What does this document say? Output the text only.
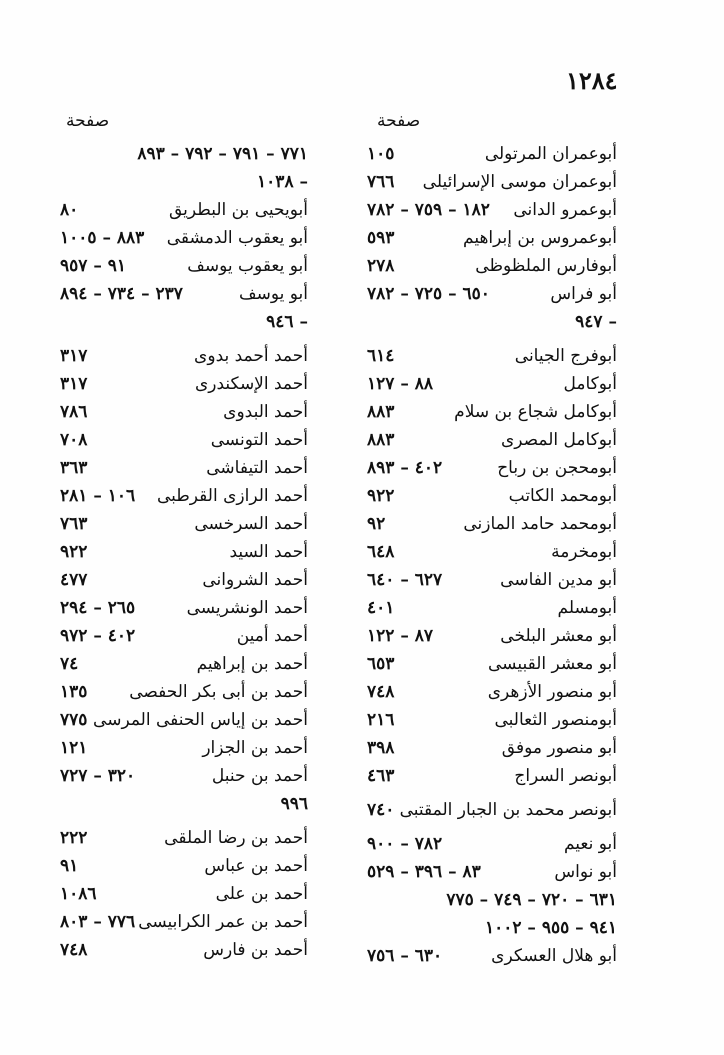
١٢٨٤
صفحة
صفحة
أبوعمران المرتولى
١٠٥
أبوعمران موسى الإسرائيلى
٧٦٦
أبوعمرو الدانى
١٨٢ – ٧٥٩ – ٧٨٢
أبوعمروس بن إبراهيم
٥٩٣
أبوفارس الملظوظى
٢٧٨
أبو فراس
٦٥٠ – ٧٢٥ – ٧٨٢
– ٩٤٧
أبوفرج الجيانى
٦١٤
أبوكامل
٨٨ – ١٢٧
أبوكامل شجاع بن سلام
٨٨٣
أبوكامل المصرى
٨٨٣
أبومحجن بن رباح
٤٠٢ – ٨٩٣
أبومحمد الكاتب
٩٢٢
أبومحمد حامد المازنى
٩٢
أبومخرمة
٦٤٨
أبو مدين الفاسى
٦٢٧ – ٦٤٠
أبومسلم
٤٠١
أبو معشر البلخى
٨٧ – ١٢٢
أبو معشر القبيسى
٦٥٣
أبو منصور الأزهرى
٧٤٨
أبومنصور الثعالبى
٢١٦
أبو منصور موفق
٣٩٨
أبونصر السراج
٤٦٣
أبونصر محمد بن الجبار المقتبى
٧٤٠
أبو نعيم
٧٨٢ – ٩٠٠
أبو نواس
٨٣ – ٣٩٦ – ٥٢٩
٦٣١ – ٧٢٠ – ٧٤٩ – ٧٧٥
٩٤١ – ٩٥٥ – ١٠٠٢
أبو هلال العسكرى
٦٣٠ – ٧٥٦
٧٧١ – ٧٩١ – ٧٩٢ – ٨٩٣
– ١٠٣٨
أبويحيى بن البطريق
٨٠
أبو يعقوب الدمشقى
٨٨٣ – ١٠٠٥
أبو يعقوب يوسف
٩١ – ٩٥٧
أبو يوسف
٢٣٧ – ٧٣٤ – ٨٩٤
– ٩٤٦
أحمد أحمد بدوى
٣١٧
أحمد الإسكندرى
٣١٧
أحمد البدوى
٧٨٦
أحمد التونسى
٧٠٨
أحمد التيفاشى
٣٦٣
أحمد الرازى القرطبى
١٠٦ – ٢٨١
أحمد السرخسى
٧٦٣
أحمد السيد
٩٢٢
أحمد الشروانى
٤٧٧
أحمد الونشريسى
٢٦٥ – ٢٩٤
أحمد أمين
٤٠٢ – ٩٧٢
أحمد بن إبراهيم
٧٤
أحمد بن أبى بكر الحفصى
١٣٥
أحمد بن إياس الحنفى المرسى
٧٧٥
أحمد بن الجزار
١٢١
أحمد بن حنبل
٣٢٠ – ٧٢٧
٩٩٦
أحمد بن رضا الملقى
٢٢٢
أحمد بن عباس
٩١
أحمد بن على
١٠٨٦
أحمد بن عمر الكرابيسى
٧٧٦ – ٨٠٣
أحمد بن فارس
٧٤٨
